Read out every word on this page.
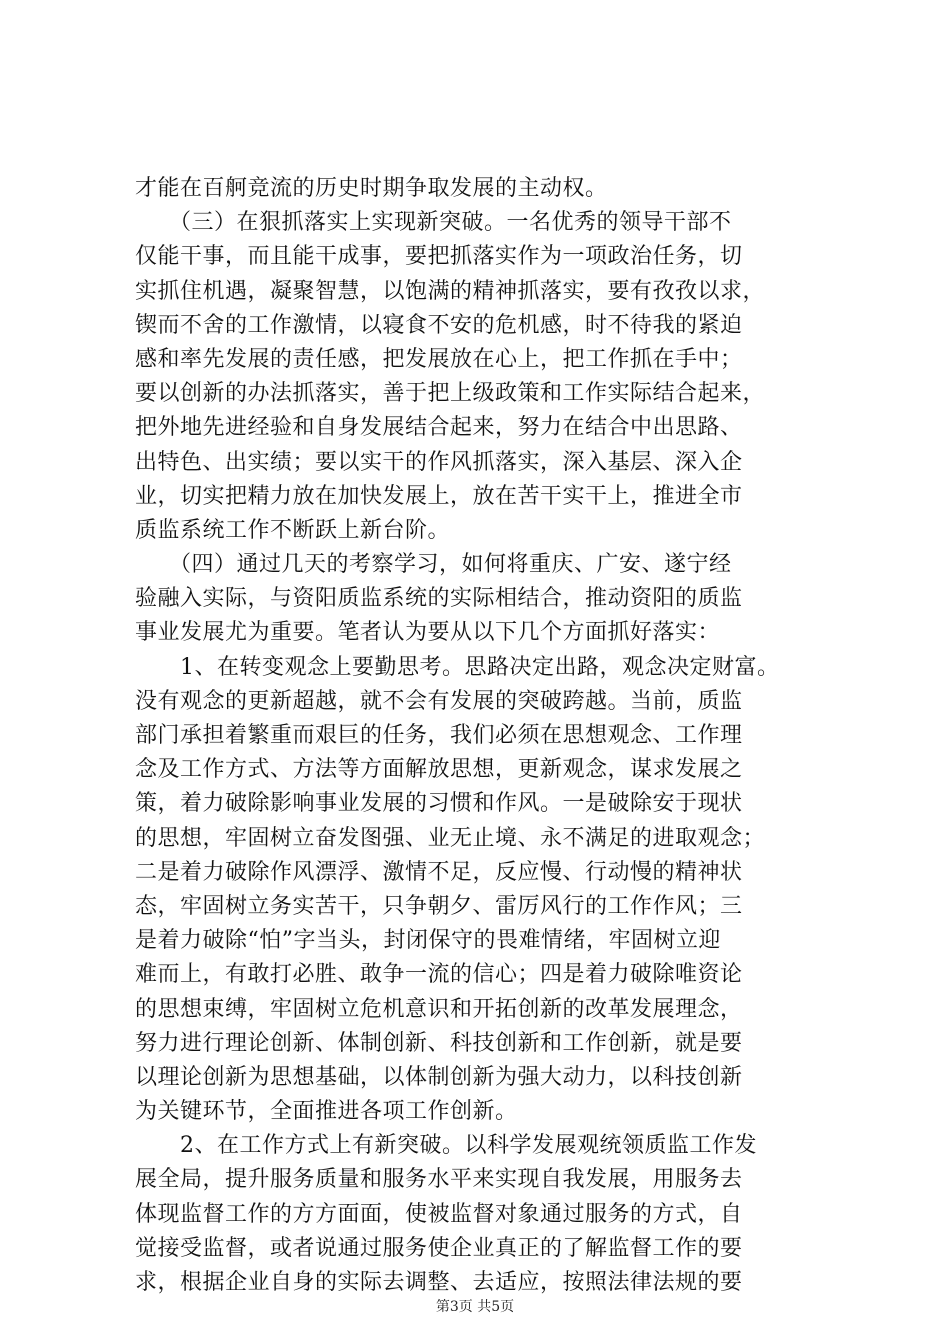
才能在百舸竞流的历史时期争取发展的主动权。
　　（三）在狠抓落实上实现新突破。一名优秀的领导干部不
仅能干事，而且能干成事，要把抓落实作为一项政治任务，切
实抓住机遇，凝聚智慧，以饱满的精神抓落实，要有孜孜以求，
锲而不舍的工作激情，以寝食不安的危机感，时不待我的紧迫
感和率先发展的责任感，把发展放在心上，把工作抓在手中；
要以创新的办法抓落实，善于把上级政策和工作实际结合起来，
把外地先进经验和自身发展结合起来，努力在结合中出思路、
出特色、出实绩；要以实干的作风抓落实，深入基层、深入企
业，切实把精力放在加快发展上，放在苦干实干上，推进全市
质监系统工作不断跃上新台阶。
　　（四）通过几天的考察学习，如何将重庆、广安、遂宁经
验融入实际，与资阳质监系统的实际相结合，推动资阳的质监
事业发展尤为重要。笔者认为要从以下几个方面抓好落实：
　　1、在转变观念上要勤思考。思路决定出路，观念决定财富。
没有观念的更新超越，就不会有发展的突破跨越。当前，质监
部门承担着繁重而艰巨的任务，我们必须在思想观念、工作理
念及工作方式、方法等方面解放思想，更新观念，谋求发展之
策，着力破除影响事业发展的习惯和作风。一是破除安于现状
的思想，牢固树立奋发图强、业无止境、永不满足的进取观念；
二是着力破除作风漂浮、激情不足，反应慢、行动慢的精神状
态，牢固树立务实苦干，只争朝夕、雷厉风行的工作作风；三
是着力破除“怕”字当头，封闭保守的畏难情绪，牢固树立迎
难而上，有敢打必胜、敢争一流的信心；四是着力破除唯资论
的思想束缚，牢固树立危机意识和开拓创新的改革发展理念，
努力进行理论创新、体制创新、科技创新和工作创新，就是要
以理论创新为思想基础，以体制创新为强大动力，以科技创新
为关键环节，全面推进各项工作创新。
　　2、在工作方式上有新突破。以科学发展观统领质监工作发
展全局，提升服务质量和服务水平来实现自我发展，用服务去
体现监督工作的方方面面，使被监督对象通过服务的方式，自
觉接受监督，或者说通过服务使企业真正的了解监督工作的要
求，根据企业自身的实际去调整、去适应，按照法律法规的要
第3页 共5页
